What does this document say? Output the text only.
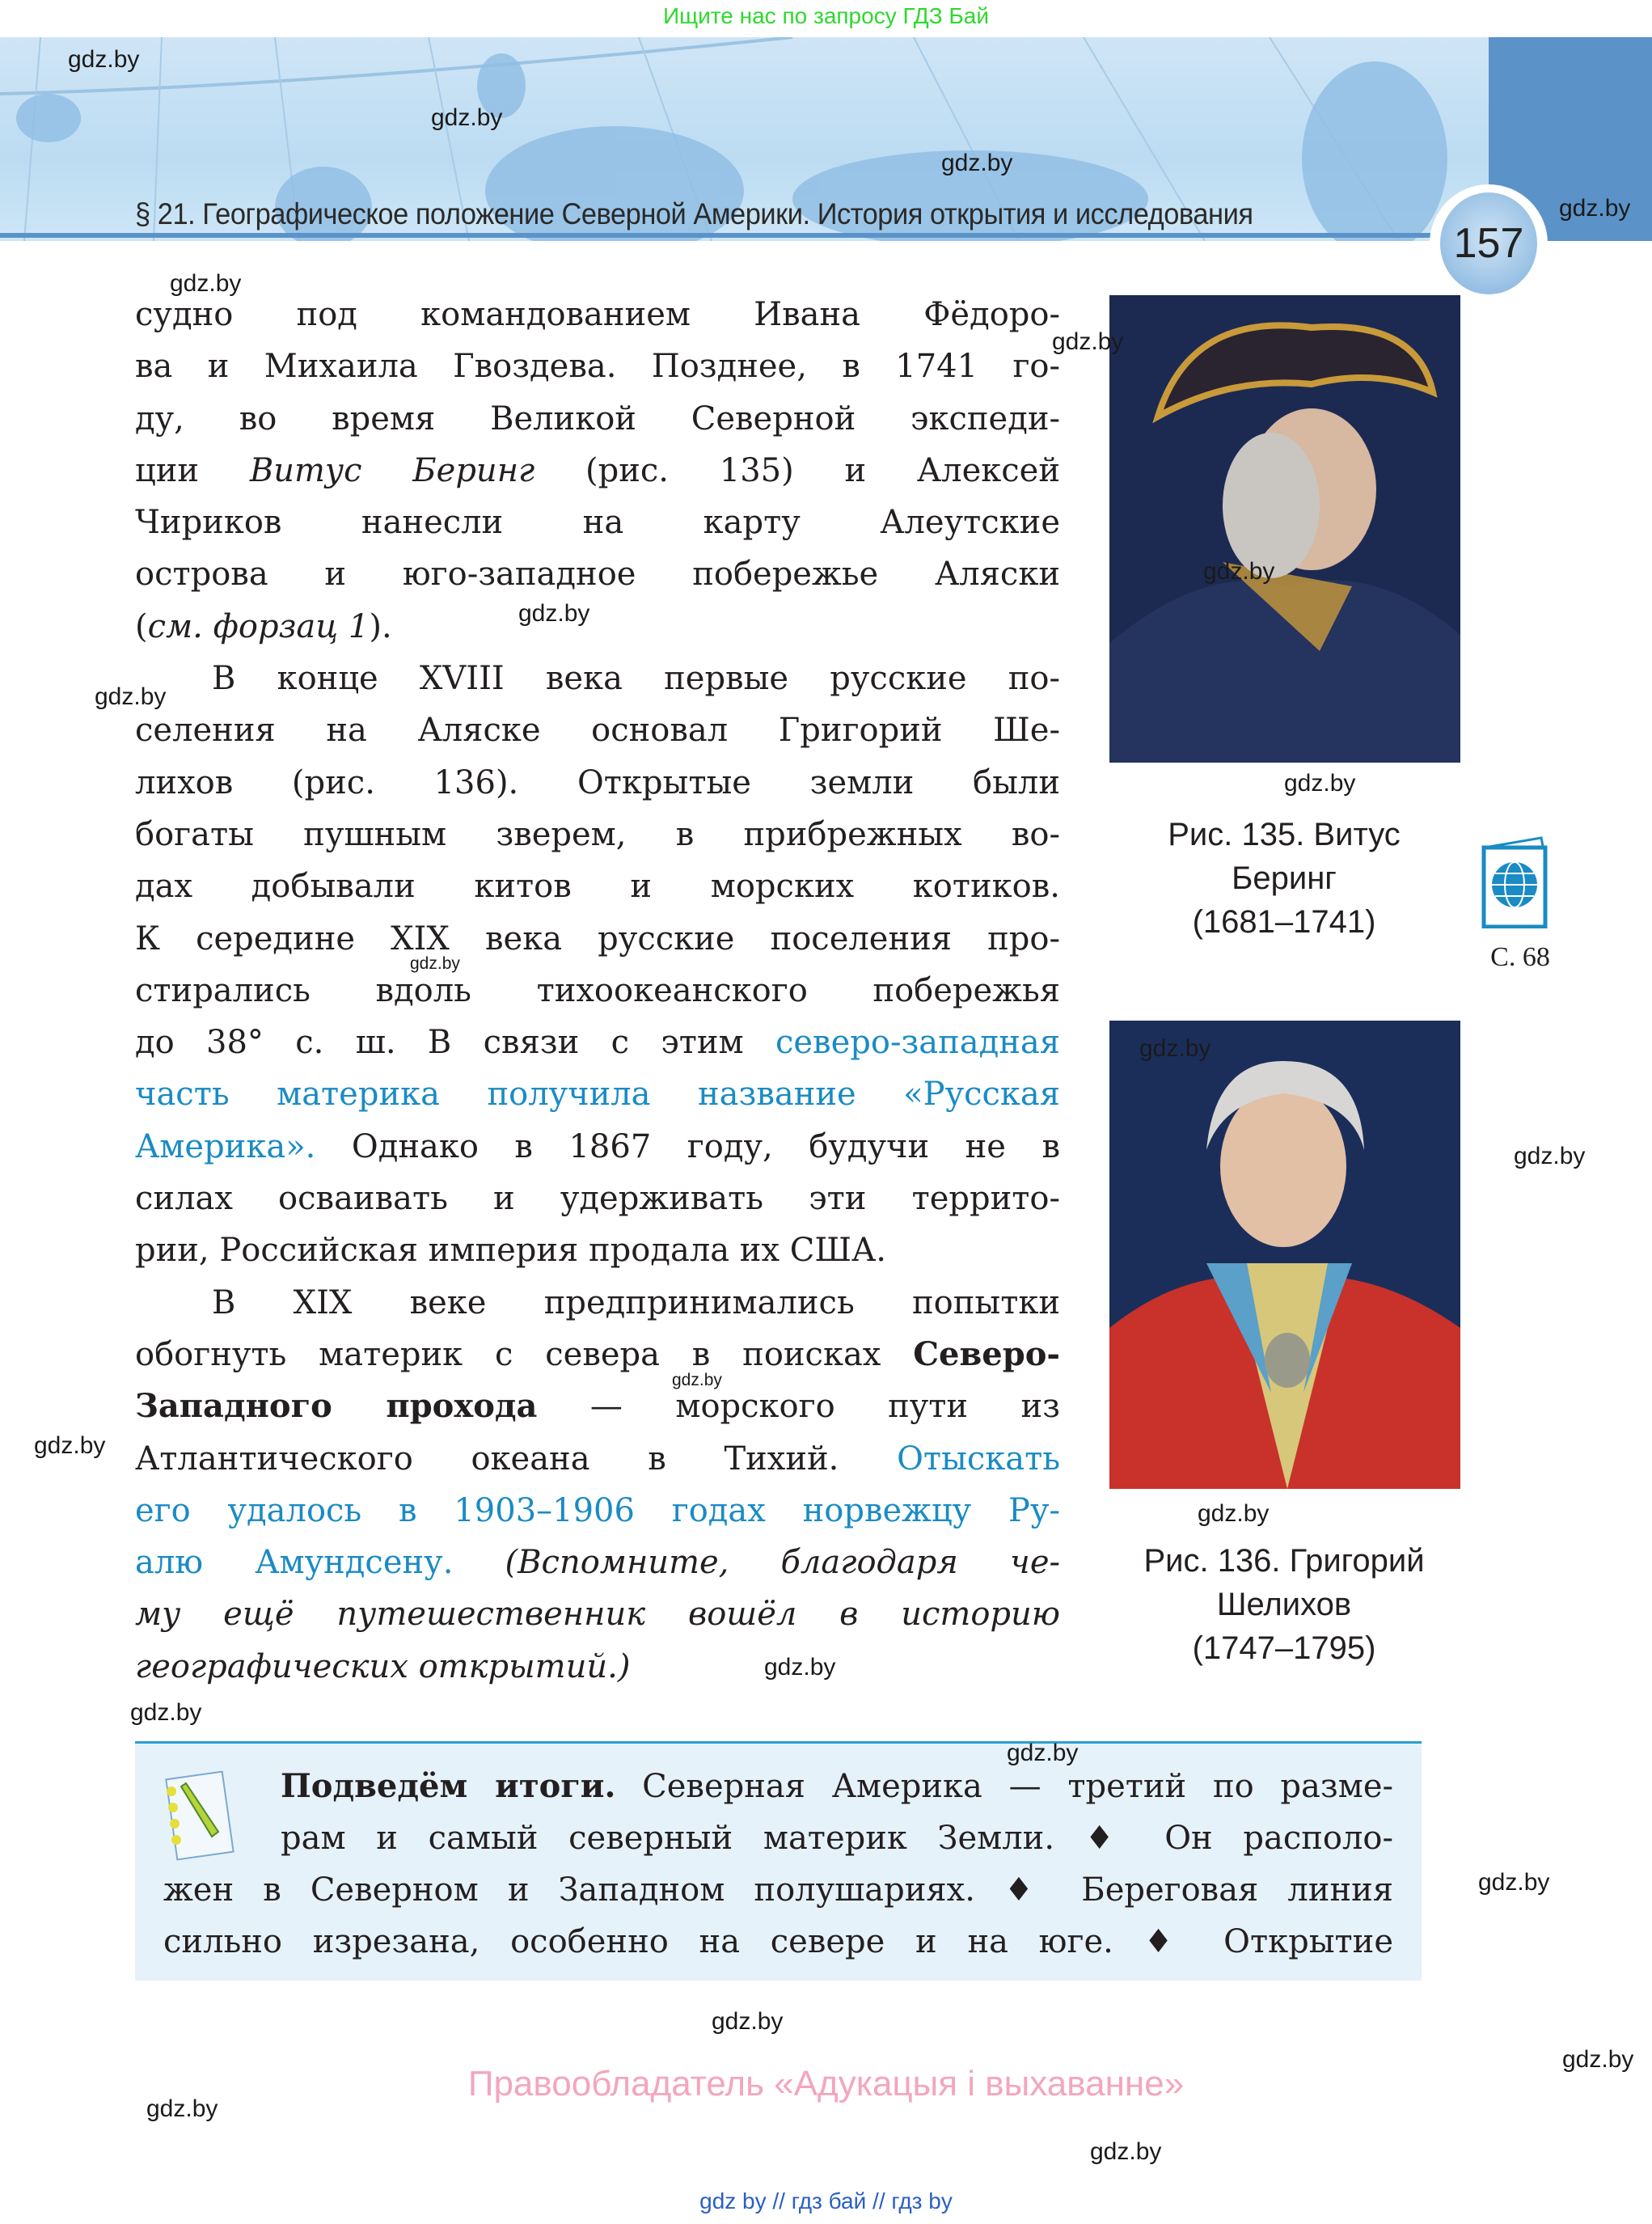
Ищите нас по запросу ГДЗ Бай
§ 21. Географическое положение Северной Америки. История открытия и исследования
157
судно под командованием Ивана Фёдоро-
ва и Михаила Гвоздева. Позднее, в 1741 го-
ду, во время Великой Северной экспеди-
ции Витус Беринг (рис. 135) и Алексей
Чириков нанесли на карту Алеутские
острова и юго-западное побережье Аляски
(см. форзац 1).
В конце XVIII века первые русские по-
селения на Аляске основал Григорий Ше-
лихов (рис. 136). Открытые земли были
богаты пушным зверем, в прибрежных во-
дах добывали китов и морских котиков.
К середине XIX века русские поселения про-
стирались вдоль тихоокеанского побережья
до 38° с. ш. В связи с этим северо-западная
часть материка получила название «Русская
Америка». Однако в 1867 году, будучи не в
силах осваивать и удерживать эти террито-
рии, Российская империя продала их США.
В XIX веке предпринимались попытки
обогнуть материк с севера в поисках Северо-
Западного прохода — морского пути из
Атлантического океана в Тихий. Отыскать
его удалось в 1903–1906 годах норвежцу Ру-
алю Амундсену. (Вспомните, благодаря че-
му ещё путешественник вошёл в историю
географических открытий.)
Рис. 135. Витус
Беринг
(1681–1741)
Рис. 136. Григорий
Шелихов
(1747–1795)
С. 68
Подведём итоги. Северная Америка — третий по разме-
рам и самый северный материк Земли. ♦ Он располо-
жен в Северном и Западном полушариях. ♦ Береговая линия
сильно изрезана, особенно на севере и на юге. ♦ Открытие
Правообладатель «Адукацыя і выхаванне»
gdz by // гдз бай // гдз by
gdz.by
gdz.by
gdz.by
gdz.by
gdz.by
gdz.by
gdz.by
gdz.by
gdz.by
gdz.by
gdz.by
gdz.by
gdz.by
gdz.by
gdz.by
gdz.by
gdz.by
gdz.by
gdz.by
gdz.by
gdz.by
gdz.by
gdz.by
gdz.by
